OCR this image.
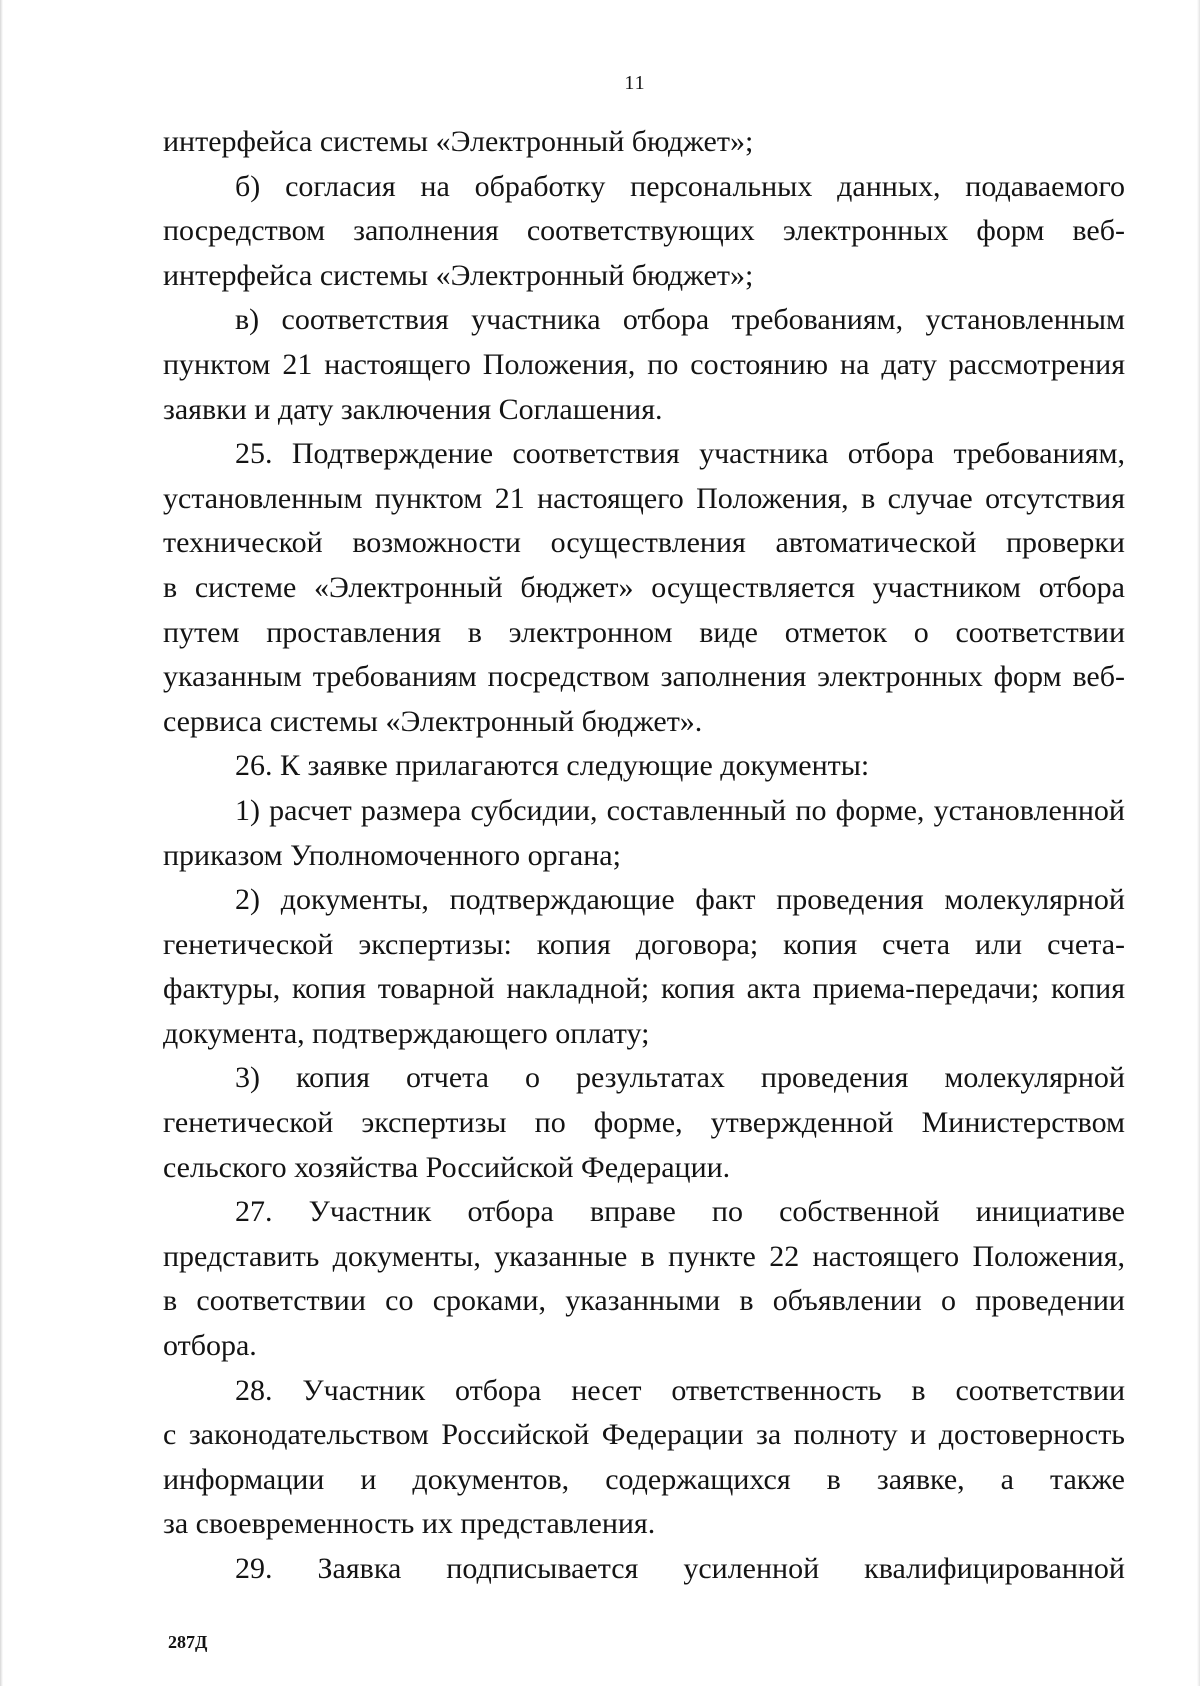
11
интерфейса системы «Электронный бюджет»;
б) согласия на обработку персональных данных, подаваемого
посредством заполнения соответствующих электронных форм веб-
интерфейса системы «Электронный бюджет»;
в) соответствия участника отбора требованиям, установленным
пунктом 21 настоящего Положения, по состоянию на дату рассмотрения
заявки и дату заключения Соглашения.
25. Подтверждение соответствия участника отбора требованиям,
установленным пунктом 21 настоящего Положения, в случае отсутствия
технической возможности осуществления автоматической проверки
в системе «Электронный бюджет» осуществляется участником отбора
путем проставления в электронном виде отметок о соответствии
указанным требованиям посредством заполнения электронных форм веб-
сервиса системы «Электронный бюджет».
26. К заявке прилагаются следующие документы:
1) расчет размера субсидии, составленный по форме, установленной
приказом Уполномоченного органа;
2) документы, подтверждающие факт проведения молекулярной
генетической экспертизы: копия договора; копия счета или счета-
фактуры, копия товарной накладной; копия акта приема-передачи; копия
документа, подтверждающего оплату;
3) копия отчета о результатах проведения молекулярной
генетической экспертизы по форме, утвержденной Министерством
сельского хозяйства Российской Федерации.
27. Участник отбора вправе по собственной инициативе
представить документы, указанные в пункте 22 настоящего Положения,
в соответствии со сроками, указанными в объявлении о проведении
отбора.
28. Участник отбора несет ответственность в соответствии
с законодательством Российской Федерации за полноту и достоверность
информации и документов, содержащихся в заявке, а также
за своевременность их представления.
29. Заявка подписывается усиленной квалифицированной
287Д
